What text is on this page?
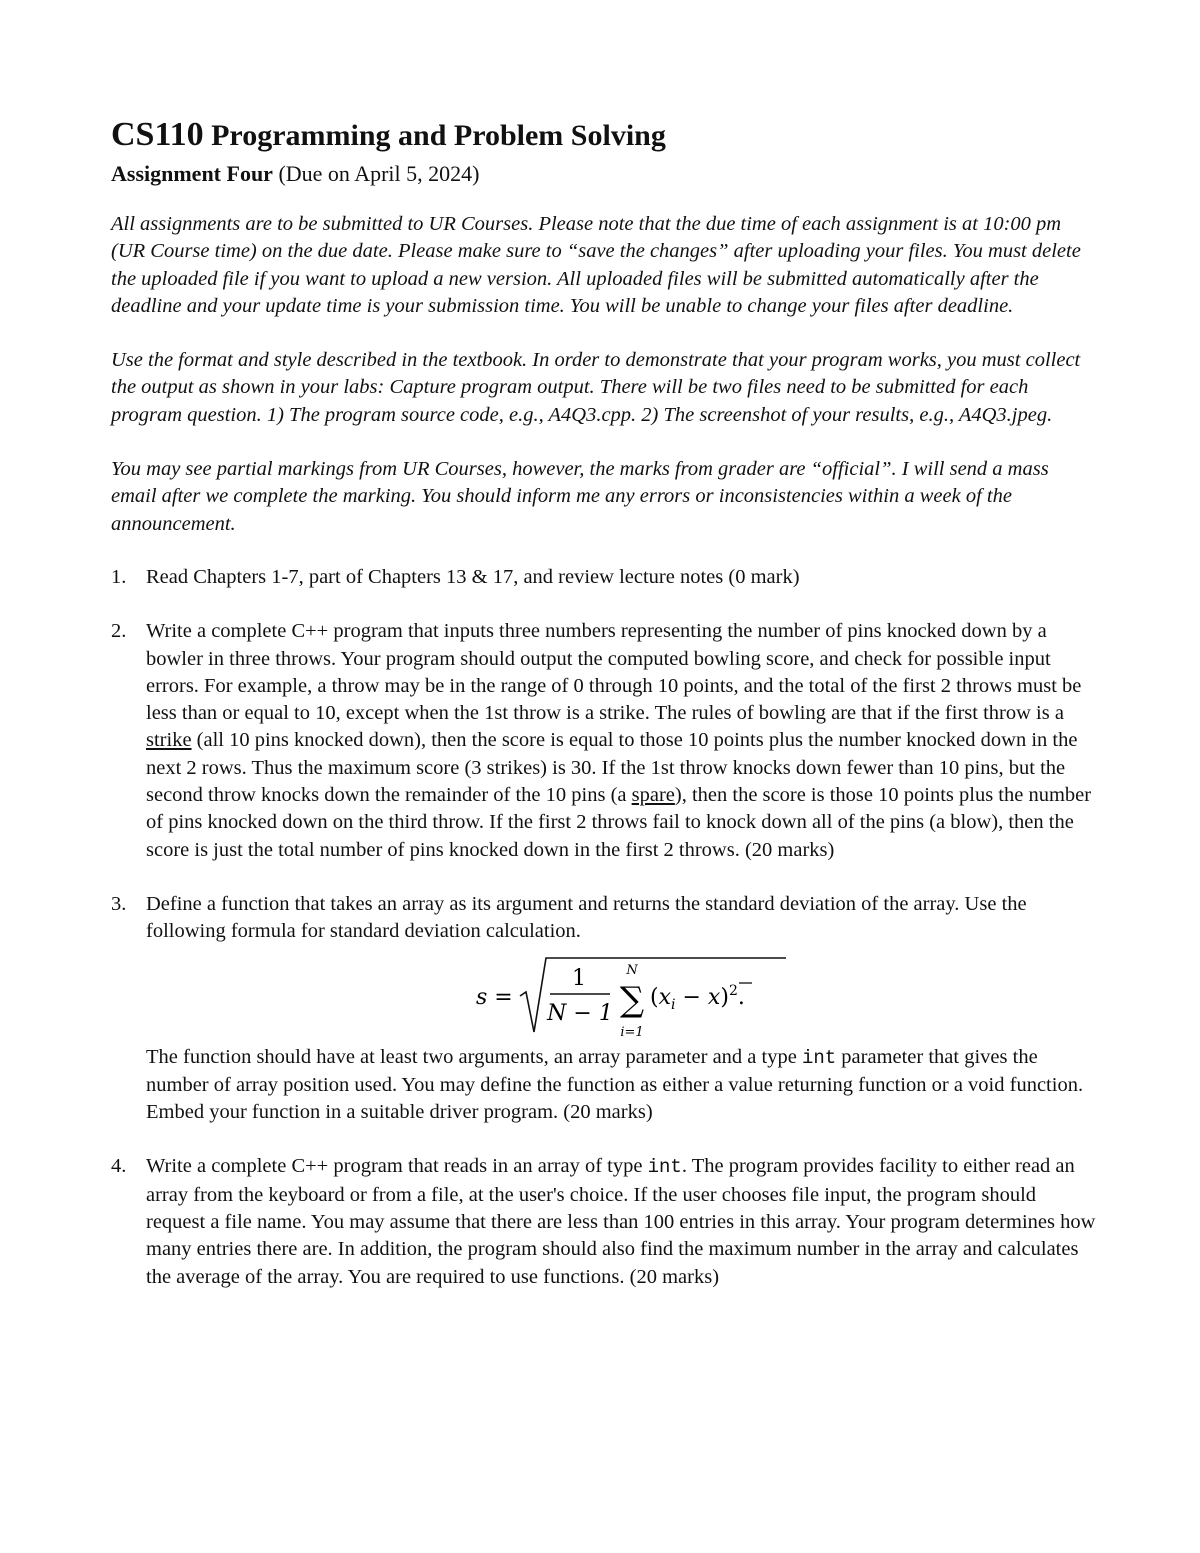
CS110 Programming and Problem Solving

Assignment Four (Due on April 5, 2024)

All assignments are to be submitted to UR Courses. Please note that the due time of each assignment is at 10:00 pm (UR Course time) on the due date. Please make sure to “save the changes” after uploading your files. You must delete the uploaded file if you want to upload a new version. All uploaded files will be submitted automatically after the deadline and your update time is your submission time. You will be unable to change your files after deadline.

Use the format and style described in the textbook. In order to demonstrate that your program works, you must collect the output as shown in your labs: Capture program output. There will be two files need to be submitted for each program question. 1) The program source code, e.g., A4Q3.cpp. 2) The screenshot of your results, e.g., A4Q3.jpeg.

You may see partial markings from UR Courses, however, the marks from grader are “official”. I will send a mass email after we complete the marking. You should inform me any errors or inconsistencies within a week of the announcement.

1. Read Chapters 1-7, part of Chapters 13 & 17, and review lecture notes (0 mark)
2. Write a complete C++ program that inputs three numbers representing the number of pins knocked down by a bowler in three throws. Your program should output the computed bowling score, and check for possible input errors. For example, a throw may be in the range of 0 through 10 points, and the total of the first 2 throws must be less than or equal to 10, except when the 1st throw is a strike. The rules of bowling are that if the first throw is a strike (all 10 pins knocked down), then the score is equal to those 10 points plus the number knocked down in the next 2 rows. Thus the maximum score (3 strikes) is 30. If the 1st throw knocks down fewer than 10 pins, but the second throw knocks down the remainder of the 10 pins (a spare), then the score is those 10 points plus the number of pins knocked down on the third throw. If the first 2 throws fail to knock down all of the pins (a blow), then the score is just the total number of pins knocked down in the first 2 throws. (20 marks)
3. Define a function that takes an array as its argument and returns the standard deviation of the array. Use the following formula for standard deviation calculation.
s =
1
N − 1
N
∑
i=1
$(x_i - x)^2$.
The function should have at least two arguments, an array parameter and a type int parameter that gives the number of array position used. You may define the function as either a value returning function or a void function. Embed your function in a suitable driver program. (20 marks)
4. Write a complete C++ program that reads in an array of type int. The program provides facility to either read an array from the keyboard or from a file, at the user's choice. If the user chooses file input, the program should request a file name. You may assume that there are less than 100 entries in this array. Your program determines how many entries there are. In addition, the program should also find the maximum number in the array and calculates the average of the array. You are required to use functions. (20 marks)
